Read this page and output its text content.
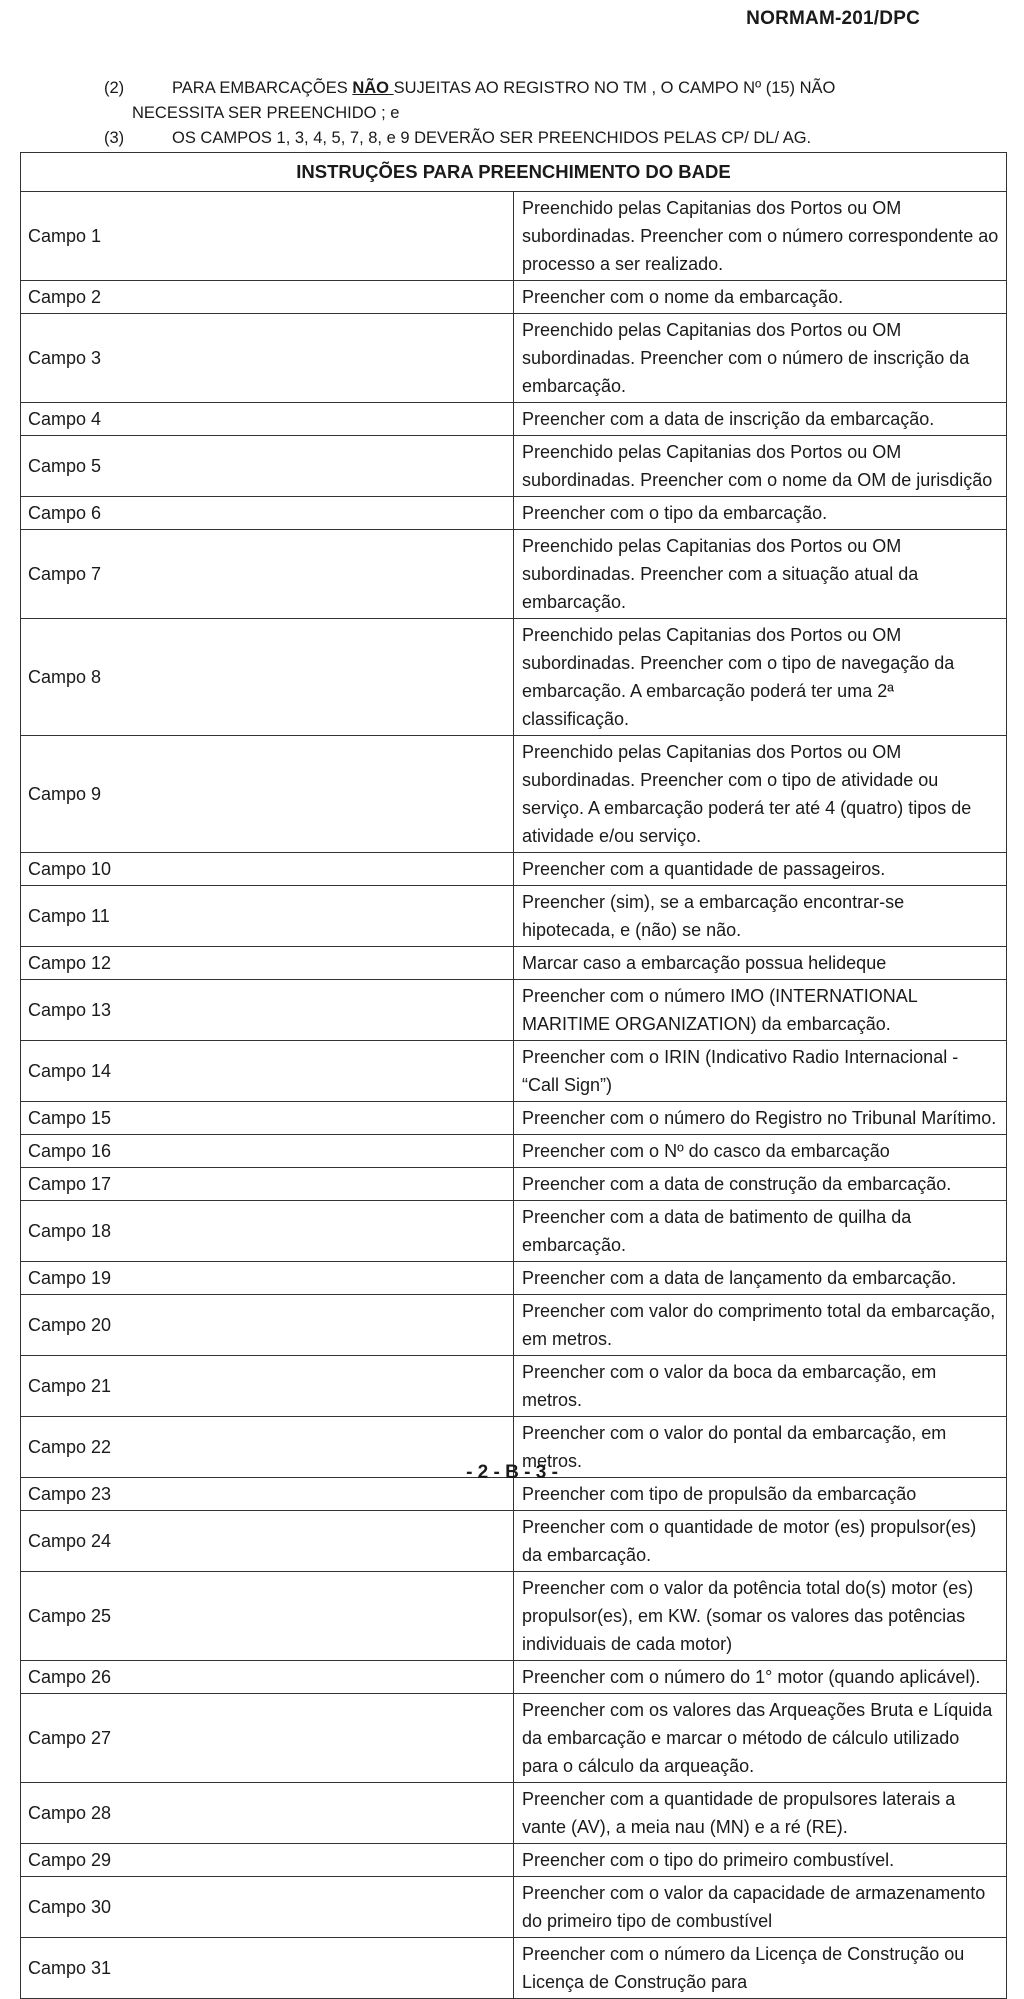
NORMAM-201/DPC
(2)	PARA EMBARCAÇÕES NÃO SUJEITAS AO REGISTRO NO TM , O CAMPO Nº (15) NÃO
NECESSITA SER PREENCHIDO ; e
(3)	OS CAMPOS 1, 3, 4, 5, 7, 8, e 9 DEVERÃO SER PREENCHIDOS PELAS CP/ DL/ AG.
INSTRUÇÕES PARA PREENCHIMENTO DO BADE	
Campo 1	Preenchido pelas Capitanias dos Portos ou OM subordinadas. Preencher com o número correspondente ao processo a ser realizado.
Campo 2	Preencher com o nome da embarcação.
Campo 3	Preenchido pelas Capitanias dos Portos ou OM subordinadas. Preencher com o número de inscrição da embarcação.
Campo 4	Preencher com a data de inscrição da embarcação.
Campo 5	Preenchido pelas Capitanias dos Portos ou OM subordinadas. Preencher com o nome da OM de jurisdição
Campo 6	Preencher com o tipo da embarcação.
Campo 7	Preenchido pelas Capitanias dos Portos ou OM subordinadas. Preencher com a situação atual da embarcação.
Campo 8	Preenchido pelas Capitanias dos Portos ou OM subordinadas. Preencher com o tipo de navegação da embarcação. A embarcação poderá ter uma 2ª classificação.
Campo 9	Preenchido pelas Capitanias dos Portos ou OM subordinadas. Preencher com o tipo de atividade ou serviço. A embarcação poderá ter até 4 (quatro) tipos de atividade e/ou serviço.
Campo 10	Preencher com a quantidade de passageiros.
Campo 11	Preencher (sim), se a embarcação encontrar-se hipotecada, e (não) se não.
Campo 12	Marcar caso a embarcação possua helideque
Campo 13	Preencher com o número IMO (INTERNATIONAL MARITIME ORGANIZATION) da embarcação.
Campo 14	Preencher com o IRIN (Indicativo Radio Internacional - “Call Sign”)
Campo 15	Preencher com o número do Registro no Tribunal Marítimo.
Campo 16	Preencher com o Nº do casco da embarcação
Campo 17	Preencher com a data de construção da embarcação.
Campo 18	Preencher com a data de batimento de quilha da embarcação.
Campo 19	Preencher com a data de lançamento da embarcação.
Campo 20	Preencher com valor do comprimento total da embarcação, em metros.
Campo 21	Preencher com o valor da boca da embarcação, em metros.
Campo 22	Preencher com o valor do pontal da embarcação, em metros.
Campo 23	Preencher com tipo de propulsão da embarcação
Campo 24	Preencher com o quantidade de motor (es) propulsor(es) da embarcação.
Campo 25	Preencher com o valor da potência total do(s) motor (es) propulsor(es), em KW. (somar os valores das potências individuais de cada motor)
Campo 26	Preencher com o número do 1° motor (quando aplicável).
Campo 27	Preencher com os valores das Arqueações Bruta e Líquida da embarcação e marcar o método de cálculo utilizado para o cálculo da arqueação.
Campo 28	Preencher com a quantidade de propulsores laterais a vante (AV), a meia nau (MN) e a ré (RE).
Campo 29	Preencher com o tipo do primeiro combustível.
Campo 30	Preencher com o valor da capacidade de armazenamento do primeiro tipo de combustível
Campo 31	Preencher com o número da Licença de Construção ou Licença de Construção para
- 2 - B - 3 -
